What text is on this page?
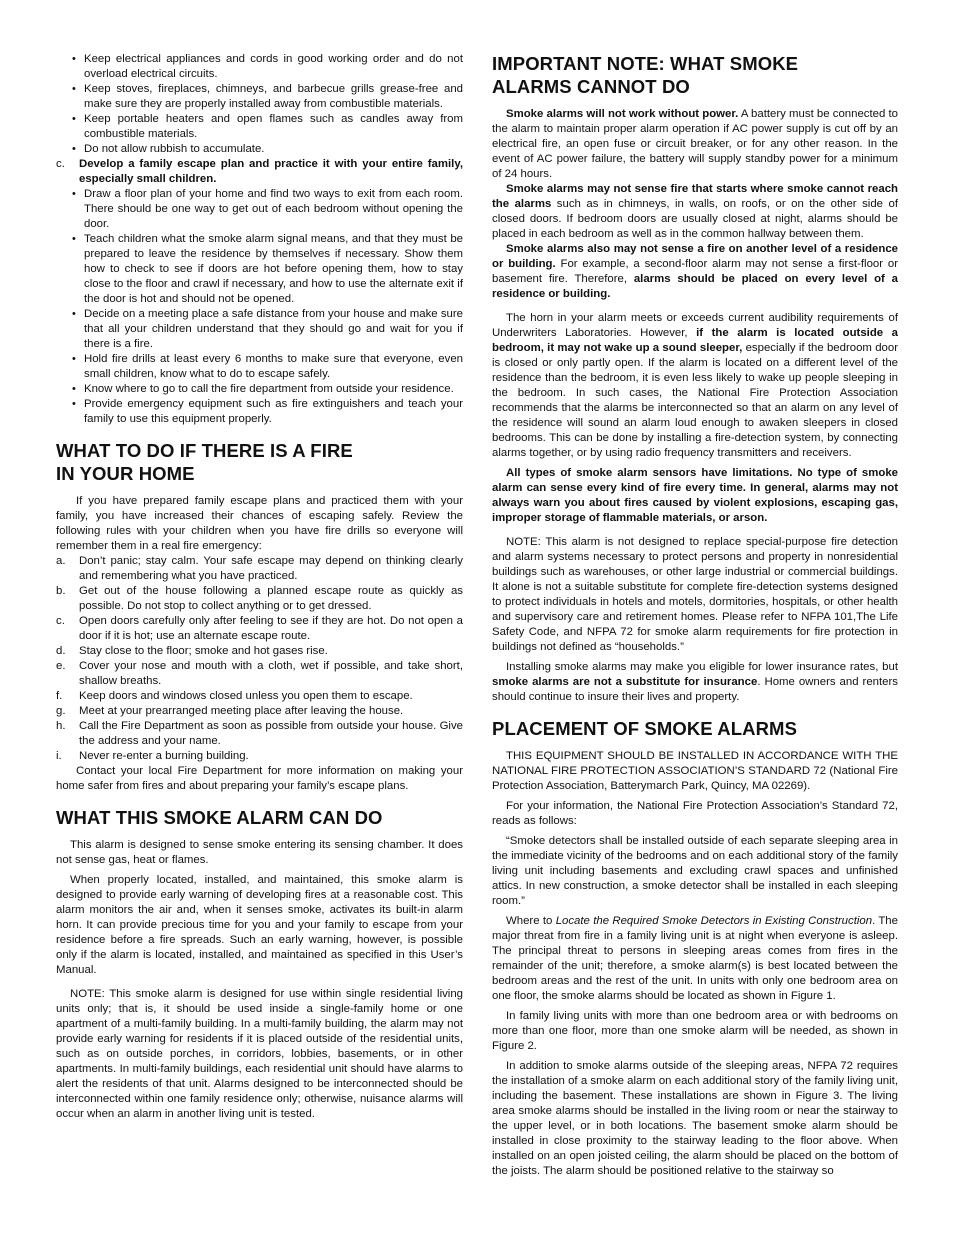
• Keep electrical appliances and cords in good working order and do not overload electrical circuits.
• Keep stoves, fireplaces, chimneys, and barbecue grills grease-free and make sure they are properly installed away from combustible materials.
• Keep portable heaters and open flames such as candles away from combustible materials.
• Do not allow rubbish to accumulate.
c.	Develop a family escape plan and practice it with your entire family, especially small children.
• Draw a floor plan of your home and find two ways to exit from each room. There should be one way to get out of each bedroom without opening the door.
• Teach children what the smoke alarm signal means, and that they must be prepared to leave the residence by themselves if necessary. Show them how to check to see if doors are hot before opening them, how to stay close to the floor and crawl if necessary, and how to use the alternate exit if the door is hot and should not be opened.
• Decide on a meeting place a safe distance from your house and make sure that all your children understand that they should go and wait for you if there is a fire.
• Hold fire drills at least every 6 months to make sure that everyone, even small children, know what to do to escape safely.
• Know where to go to call the fire department from outside your residence.
• Provide emergency equipment such as fire extinguishers and teach your family to use this equipment properly.
WHAT TO DO IF THERE IS A FIRE IN YOUR HOME

If you have prepared family escape plans and practiced them with your family, you have increased their chances of escaping safely. Review the following rules with your children when you have fire drills so everyone will remember them in a real fire emergency:

a.	Don’t panic; stay calm. Your safe escape may depend on thinking clearly and remembering what you have practiced.
b.	Get out of the house following a planned escape route as quickly as possible. Do not stop to collect anything or to get dressed.
c.	Open doors carefully only after feeling to see if they are hot. Do not open a door if it is hot; use an alternate escape route.
d.	Stay close to the floor; smoke and hot gases rise.
e.	Cover your nose and mouth with a cloth, wet if possible, and take short, shallow breaths.
f.	Keep doors and windows closed unless you open them to escape.
g.	Meet at your prearranged meeting place after leaving the house.
h.	Call the Fire Department as soon as possible from outside your house. Give the address and your name.
i.	Never re-enter a burning building.

Contact your local Fire Department for more information on making your home safer from fires and about preparing your family’s escape plans.

WHAT THIS SMOKE ALARM CAN DO

This alarm is designed to sense smoke entering its sensing chamber. It does not sense gas, heat or flames.

When properly located, installed, and maintained, this smoke alarm is designed to provide early warning of developing fires at a reasonable cost. This alarm monitors the air and, when it senses smoke, activates its built-in alarm horn. It can provide precious time for you and your family to escape from your residence before a fire spreads. Such an early warning, however, is possible only if the alarm is located, installed, and maintained as specified in this User’s Manual.

NOTE: This smoke alarm is designed for use within single residential living units only; that is, it should be used inside a single-family home or one apartment of a multi-family building. In a multi-family building, the alarm may not provide early warning for residents if it is placed outside of the residential units, such as on outside porches, in corridors, lobbies, basements, or in other apartments. In multi-family buildings, each residential unit should have alarms to alert the residents of that unit. Alarms designed to be interconnected should be interconnected within one family residence only; otherwise, nuisance alarms will occur when an alarm in another living unit is tested.

IMPORTANT NOTE: WHAT SMOKE ALARMS CANNOT DO

Smoke alarms will not work without power. A battery must be connected to the alarm to maintain proper alarm operation if AC power supply is cut off by an electrical fire, an open fuse or circuit breaker, or for any other reason. In the event of AC power failure, the battery will supply standby power for a minimum of 24 hours.

Smoke alarms may not sense fire that starts where smoke cannot reach the alarms such as in chimneys, in walls, on roofs, or on the other side of closed doors. If bedroom doors are usually closed at night, alarms should be placed in each bedroom as well as in the common hallway between them.

Smoke alarms also may not sense a fire on another level of a residence or building. For example, a second-floor alarm may not sense a first-floor or basement fire. Therefore, alarms should be placed on every level of a residence or building.

The horn in your alarm meets or exceeds current audibility requirements of Underwriters Laboratories. However, if the alarm is located outside a bedroom, it may not wake up a sound sleeper, especially if the bedroom door is closed or only partly open. If the alarm is located on a different level of the residence than the bedroom, it is even less likely to wake up people sleeping in the bedroom. In such cases, the National Fire Protection Association recommends that the alarms be interconnected so that an alarm on any level of the residence will sound an alarm loud enough to awaken sleepers in closed bedrooms. This can be done by installing a fire-detection system, by connecting alarms together, or by using radio frequency transmitters and receivers.

All types of smoke alarm sensors have limitations. No type of smoke alarm can sense every kind of fire every time. In general, alarms may not always warn you about fires caused by violent explosions, escaping gas, improper storage of flammable materials, or arson.

NOTE: This alarm is not designed to replace special-purpose fire detection and alarm systems necessary to protect persons and property in nonresidential buildings such as warehouses, or other large industrial or commercial buildings. It alone is not a suitable substitute for complete fire-detection systems designed to protect individuals in hotels and motels, dormitories, hospitals, or other health and supervisory care and retirement homes. Please refer to NFPA 101,The Life Safety Code, and NFPA 72 for smoke alarm requirements for fire protection in buildings not defined as “households.”

Installing smoke alarms may make you eligible for lower insurance rates, but smoke alarms are not a substitute for insurance. Home owners and renters should continue to insure their lives and property.

PLACEMENT OF SMOKE ALARMS

THIS EQUIPMENT SHOULD BE INSTALLED IN ACCORDANCE WITH THE NATIONAL FIRE PROTECTION ASSOCIATION’S STANDARD 72 (National Fire Protection Association, Batterymarch Park, Quincy, MA 02269).

For your information, the National Fire Protection Association’s Standard 72, reads as follows:

“Smoke detectors shall be installed outside of each separate sleeping area in the immediate vicinity of the bedrooms and on each additional story of the family living unit including basements and excluding crawl spaces and unfinished attics. In new construction, a smoke detector shall be installed in each sleeping room.”

Where to Locate the Required Smoke Detectors in Existing Construction. The major threat from fire in a family living unit is at night when everyone is asleep. The principal threat to persons in sleeping areas comes from fires in the remainder of the unit; therefore, a smoke alarm(s) is best located between the bedroom areas and the rest of the unit. In units with only one bedroom area on one floor, the smoke alarms should be located as shown in Figure 1.

In family living units with more than one bedroom area or with bedrooms on more than one floor, more than one smoke alarm will be needed, as shown in Figure 2.

In addition to smoke alarms outside of the sleeping areas, NFPA 72 requires the installation of a smoke alarm on each additional story of the family living unit, including the basement. These installations are shown in Figure 3. The living area smoke alarms should be installed in the living room or near the stairway to the upper level, or in both locations. The basement smoke alarm should be installed in close proximity to the stairway leading to the floor above. When installed on an open joisted ceiling, the alarm should be placed on the bottom of the joists. The alarm should be positioned relative to the stairway so
